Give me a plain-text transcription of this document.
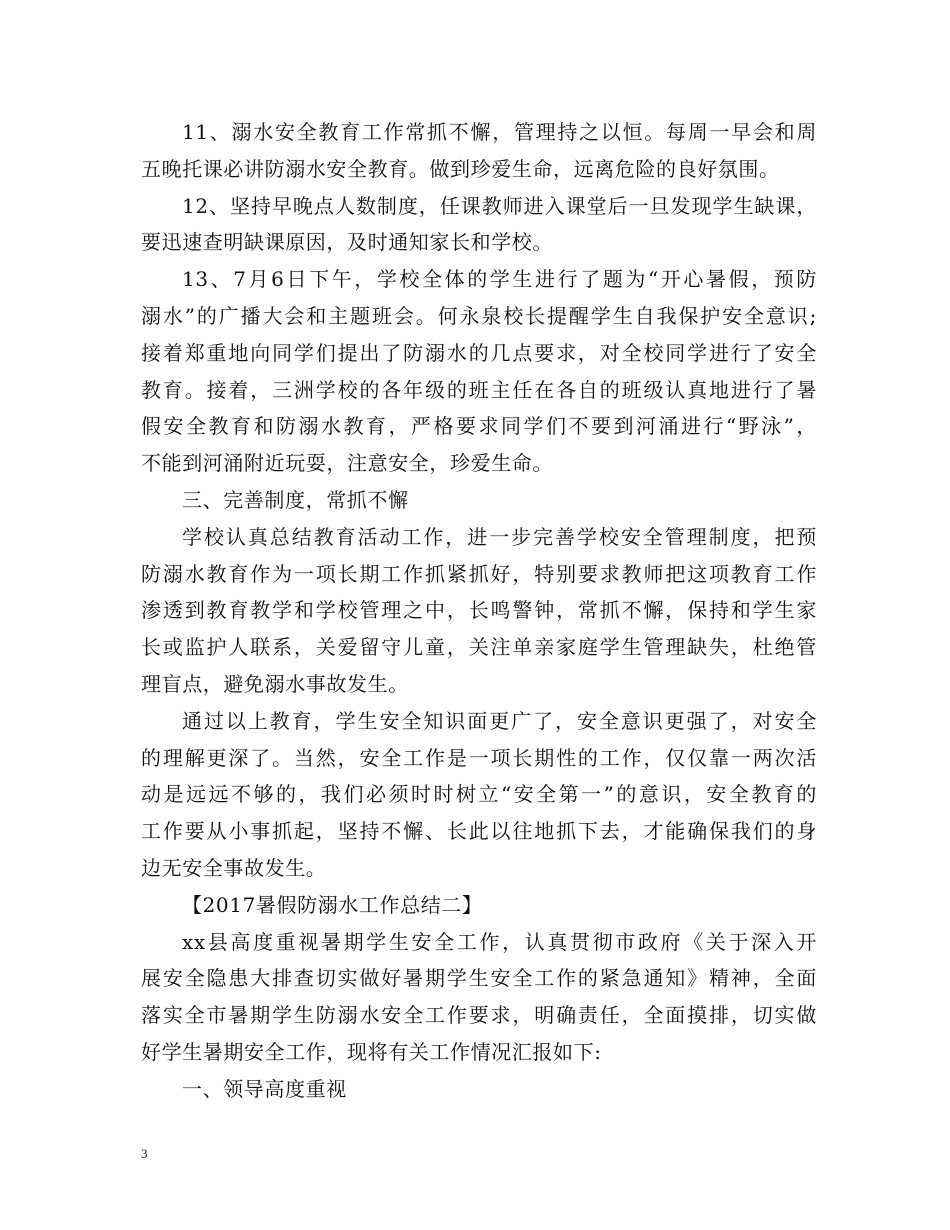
11、溺水安全教育工作常抓不懈，管理持之以恒。每周一早会和周
五晚托课必讲防溺水安全教育。做到珍爱生命，远离危险的良好氛围。
12、坚持早晚点人数制度，任课教师进入课堂后一旦发现学生缺课，
要迅速查明缺课原因，及时通知家长和学校。
13、7月6日下午，学校全体的学生进行了题为“开心暑假，预防
溺水”的广播大会和主题班会。何永泉校长提醒学生自我保护安全意识;
接着郑重地向同学们提出了防溺水的几点要求，对全校同学进行了安全
教育。接着，三洲学校的各年级的班主任在各自的班级认真地进行了暑
假安全教育和防溺水教育，严格要求同学们不要到河涌进行“野泳”，
不能到河涌附近玩耍，注意安全，珍爱生命。
三、完善制度，常抓不懈
学校认真总结教育活动工作，进一步完善学校安全管理制度，把预
防溺水教育作为一项长期工作抓紧抓好，特别要求教师把这项教育工作
渗透到教育教学和学校管理之中，长鸣警钟，常抓不懈，保持和学生家
长或监护人联系，关爱留守儿童，关注单亲家庭学生管理缺失，杜绝管
理盲点，避免溺水事故发生。
通过以上教育，学生安全知识面更广了，安全意识更强了，对安全
的理解更深了。当然，安全工作是一项长期性的工作，仅仅靠一两次活
动是远远不够的，我们必须时时树立“安全第一”的意识，安全教育的
工作要从小事抓起，坚持不懈、长此以往地抓下去，才能确保我们的身
边无安全事故发生。
【2017暑假防溺水工作总结二】
xx县高度重视暑期学生安全工作，认真贯彻市政府《关于深入开
展安全隐患大排查切实做好暑期学生安全工作的紧急通知》精神，全面
落实全市暑期学生防溺水安全工作要求，明确责任，全面摸排，切实做
好学生暑期安全工作，现将有关工作情况汇报如下:
一、领导高度重视
3
